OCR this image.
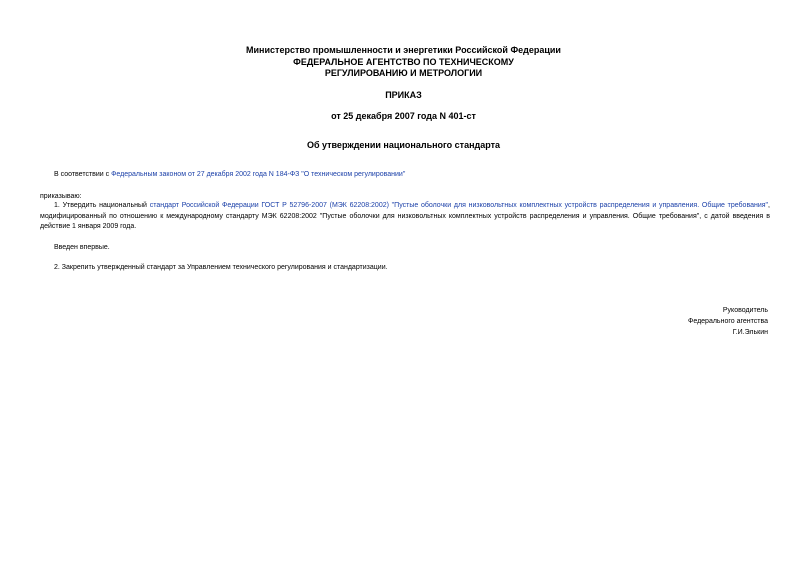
Министерство промышленности и энергетики Российской Федерации
ФЕДЕРАЛЬНОЕ АГЕНТСТВО ПО ТЕХНИЧЕСКОМУ
РЕГУЛИРОВАНИЮ И МЕТРОЛОГИИ
ПРИКАЗ
от 25 декабря 2007 года N 401-ст
Об утверждении национального стандарта
В соответствии с Федеральным законом от 27 декабря 2002 года N 184-ФЗ "О техническом регулировании"
приказываю:
1. Утвердить национальный стандарт Российской Федерации ГОСТ Р 52796-2007 (МЭК 62208:2002) "Пустые оболочки для низковольтных комплектных устройств распределения и управления. Общие требования", модифицированный по отношению к международному стандарту МЭК 62208:2002 "Пустые оболочки для низковольтных комплектных устройств распределения и управления. Общие требования", с датой введения в действие 1 января 2009 года.
Введен впервые.
2. Закрепить утвержденный стандарт за Управлением технического регулирования и стандартизации.
Руководитель
Федерального агентства
Г.И.Элькин
